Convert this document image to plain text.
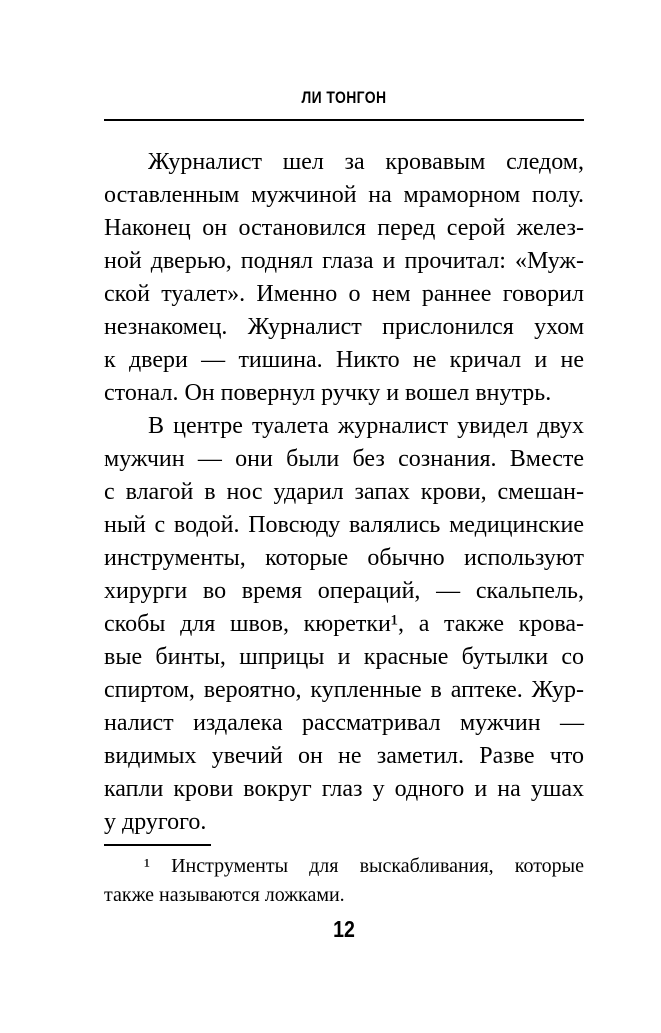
ЛИ ТОНГОН
Журналист шел за кровавым следом,
оставленным мужчиной на мраморном полу.
Наконец он остановился перед серой желез-
ной дверью, поднял глаза и прочитал: «Муж-
ской туалет». Именно о нем раннее говорил
незнакомец. Журналист прислонился ухом
к двери — тишина. Никто не кричал и не
стонал. Он повернул ручку и вошел внутрь.
В центре туалета журналист увидел двух
мужчин — они были без сознания. Вместе
с влагой в нос ударил запах крови, смешан-
ный с водой. Повсюду валялись медицинские
инструменты, которые обычно используют
хирурги во время операций, — скальпель,
скобы для швов, кюретки¹, а также крова-
вые бинты, шприцы и красные бутылки со
спиртом, вероятно, купленные в аптеке. Жур-
налист издалека рассматривал мужчин —
видимых увечий он не заметил. Разве что
капли крови вокруг глаз у одного и на ушах
у другого.
¹ Инструменты для выскабливания, которые
также называются ложками.
12
